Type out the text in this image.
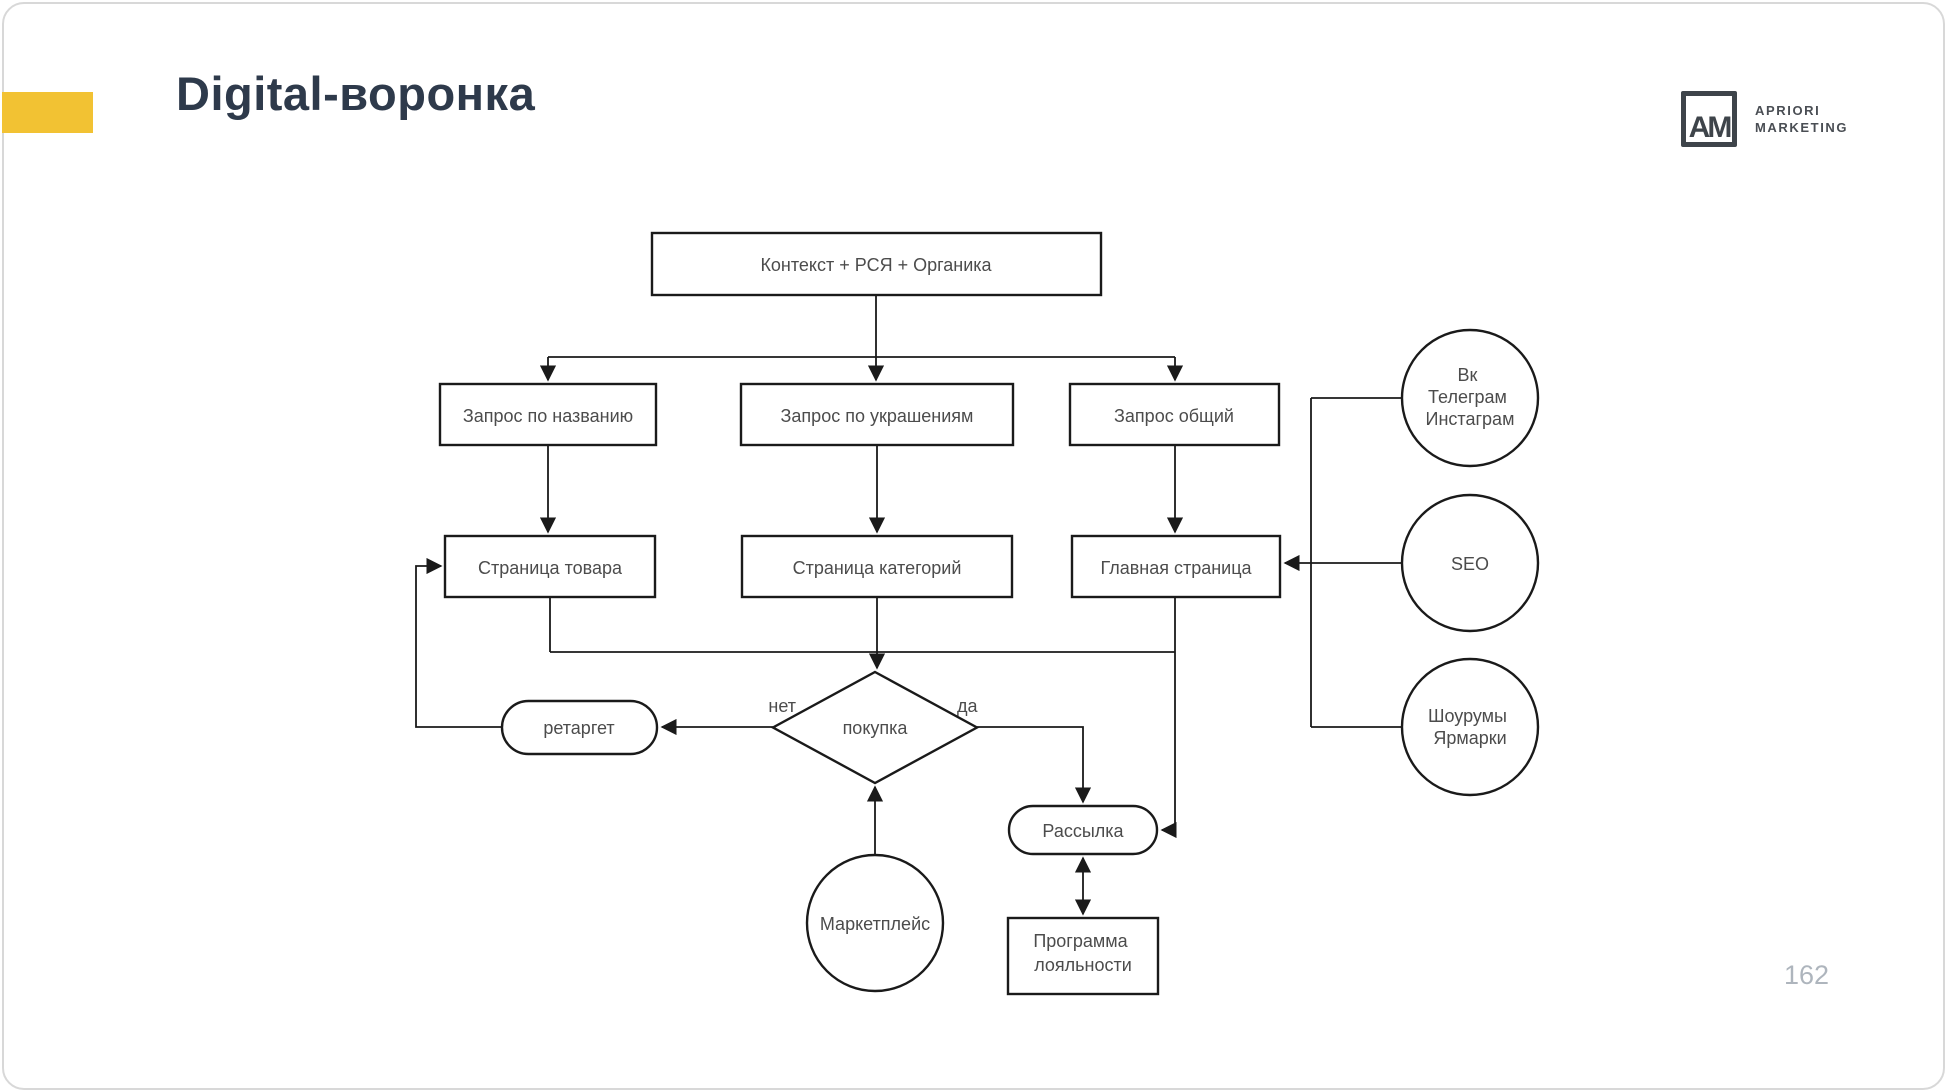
Digital-воронка
AM	APRIORI
MARKETING
нет	да
Контекст + РСЯ + Органика
Запрос по названию	Запрос по украшениям	Запрос общий
Страница товара	Страница категорий	Главная страница
покупка
ретаргет
Маркетплейс
Рассылка
Программа лояльности
Вк Телеграм Инстаграм
SEO
Шоурумы Ярмарки
162
